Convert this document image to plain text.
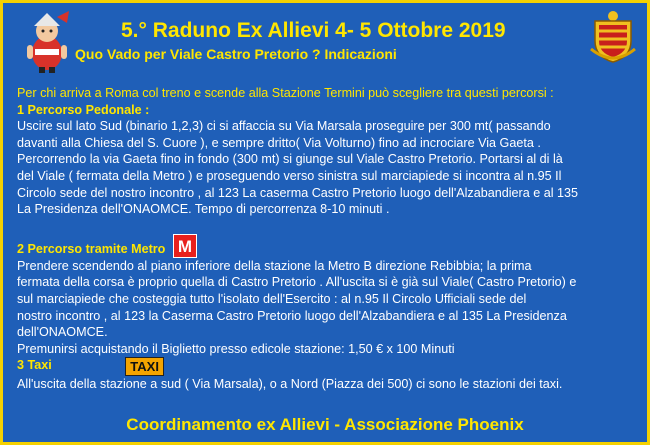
5.° Raduno Ex Allievi 4- 5 Ottobre 2019
Quo Vado per Viale Castro Pretorio ? Indicazioni

Per chi arriva a Roma col treno e scende alla Stazione Termini può scegliere tra questi percorsi :

1 Percorso Pedonale :

Uscire sul lato Sud (binario 1,2,3) ci si affaccia su Via Marsala proseguire per 300 mt( passando

davanti alla Chiesa del S. Cuore ), e sempre dritto( Via Volturno) fino ad incrociare Via Gaeta .

Percorrendo la via Gaeta fino in fondo (300 mt) si giunge sul Viale Castro Pretorio. Portarsi al di là

del Viale ( fermata della Metro ) e proseguendo verso sinistra sul marciapiede si incontra al n.95 Il

Circolo sede del nostro incontro , al 123 La caserma Castro Pretorio luogo dell'Alzabandiera e al 135

La Presidenza dell'ONAOMCE. Tempo di percorrenza 8-10 minuti .

2 Percorso tramite Metro M

Prendere scendendo al piano inferiore della stazione la Metro B direzione Rebibbia; la prima

fermata della corsa è proprio quella di Castro Pretorio . All'uscita si è già sul Viale( Castro Pretorio) e

sul marciapiede che costeggia tutto l'isolato dell'Esercito : al n.95 Il Circolo Ufficiali sede del

nostro incontro , al 123 la Caserma Castro Pretorio luogo dell'Alzabandiera e al 135 La Presidenza

dell'ONAOMCE.

Premunirsi acquistando il Biglietto presso edicole stazione: 1,50 € x 100 Minuti

3 Taxi	TAXI

All'uscita della stazione a sud ( Via Marsala), o a Nord (Piazza dei 500) ci sono le stazioni dei taxi.

Coordinamento ex Allievi - Associazione Phoenix
